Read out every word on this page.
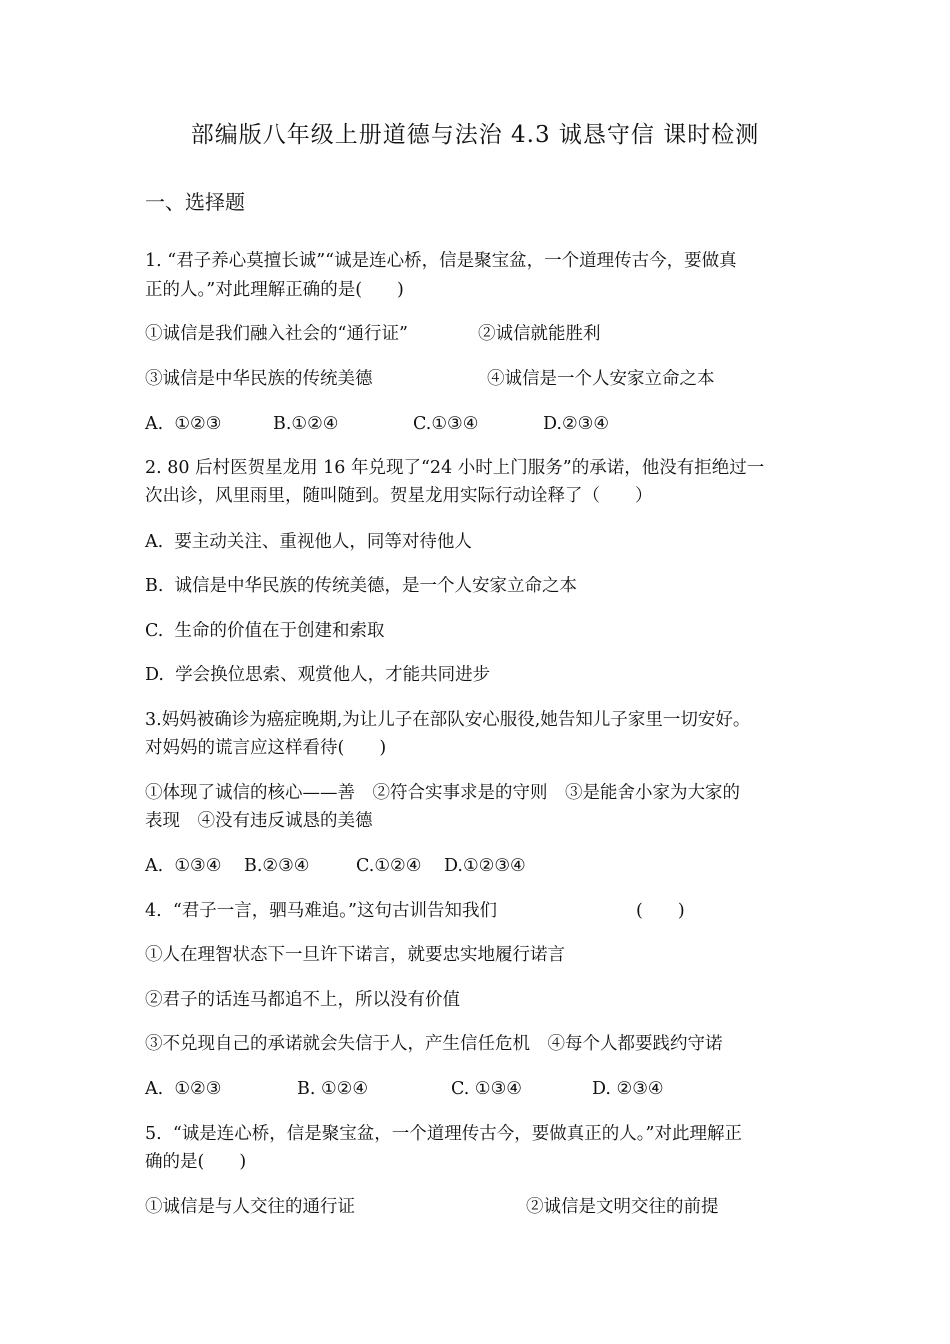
部编版八年级上册道德与法治 4.3 诚恳守信 课时检测
一、选择题
1. “君子养心莫擅长诚”“诚是连心桥，信是聚宝盆，一个道理传古今，要做真
正的人。”对此理解正确的是(　　)
①诚信是我们融入社会的“通行证”	②诚信就能胜利
③诚信是中华民族的传统美德	④诚信是一个人安家立命之本
A.  ①②③	B.①②④	C.①③④	D.②③④
2. 80 后村医贺星龙用 16 年兑现了“24 小时上门服务”的承诺，他没有拒绝过一
次出诊，风里雨里，随叫随到。贺星龙用实际行动诠释了（　　）
A.  要主动关注、重视他人，同等对待他人
B.  诚信是中华民族的传统美德，是一个人安家立命之本
C.  生命的价值在于创建和索取
D.  学会换位思索、观赏他人，才能共同进步
3.妈妈被确诊为癌症晚期,为让儿子在部队安心服役,她告知儿子家里一切安好。
对妈妈的谎言应这样看待(　　)
①体现了诚信的核心——善　②符合实事求是的守则　③是能舍小家为大家的
表现　④没有违反诚恳的美德
A.  ①③④ B.②③④	C.①②④ D.①②③④
4.  “君子一言，驷马难追。”这句古训告知我们	(　　)
①人在理智状态下一旦许下诺言，就要忠实地履行诺言
②君子的话连马都追不上，所以没有价值
③不兑现自己的承诺就会失信于人，产生信任危机　④每个人都要践约守诺
A.  ①②③	B. ①②④	C. ①③④	D. ②③④
5.  “诚是连心桥，信是聚宝盆，一个道理传古今，要做真正的人。”对此理解正
确的是(　　)
①诚信是与人交往的通行证	②诚信是文明交往的前提
